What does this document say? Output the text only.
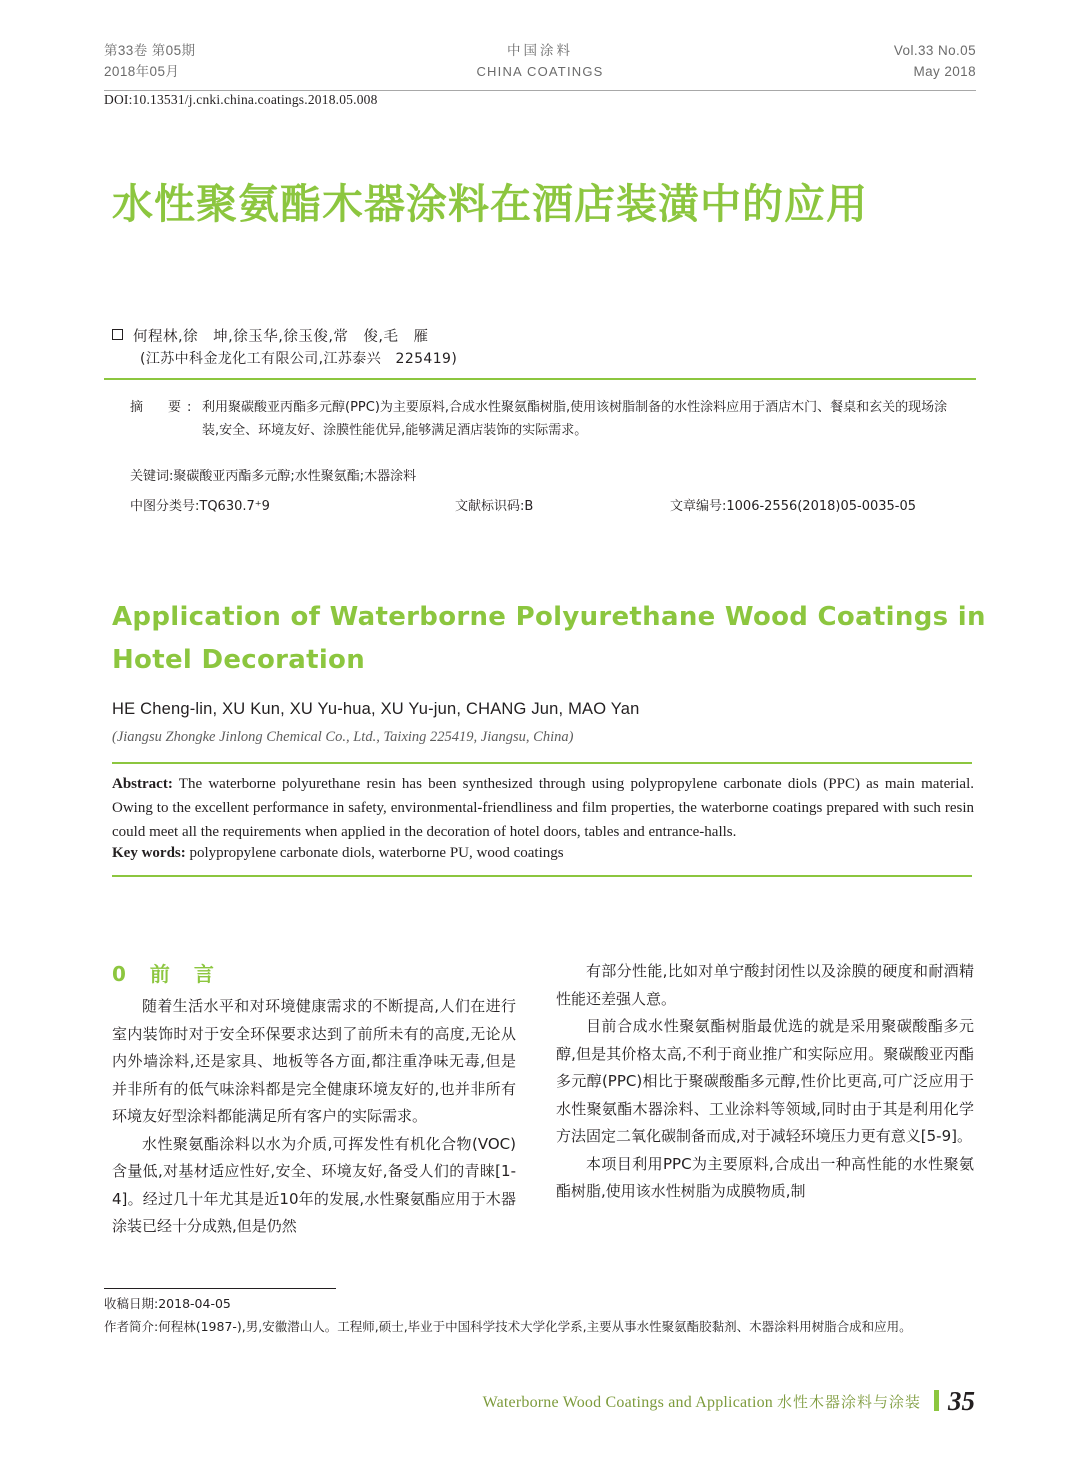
第33卷 第05期
2018年05月
中国涂料
CHINA COATINGS
Vol.33 No.05
May 2018
DOI:10.13531/j.cnki.china.coatings.2018.05.008
水性聚氨酯木器涂料在酒店装潢中的应用
何程林,徐　坤,徐玉华,徐玉俊,常　俊,毛　雁
(江苏中科金龙化工有限公司,江苏泰兴　225419)
摘　要: 利用聚碳酸亚丙酯多元醇(PPC)为主要原料,合成水性聚氨酯树脂,使用该树脂制备的水性涂料应用于酒店木门、餐桌和玄关的现场涂装,安全、环境友好、涂膜性能优异,能够满足酒店装饰的实际需求。
关键词:聚碳酸亚丙酯多元醇;水性聚氨酯;木器涂料
中图分类号:TQ630.7⁺9	文献标识码:B	文章编号:1006-2556(2018)05-0035-05
Application of Waterborne Polyurethane Wood Coatings in Hotel Decoration
HE Cheng-lin, XU Kun, XU Yu-hua, XU Yu-jun, CHANG Jun, MAO Yan
(Jiangsu Zhongke Jinlong Chemical Co., Ltd., Taixing 225419, Jiangsu, China)
Abstract: The waterborne polyurethane resin has been synthesized through using polypropylene carbonate diols (PPC) as main material. Owing to the excellent performance in safety, environmental-friendliness and film properties, the waterborne coatings prepared with such resin could meet all the requirements when applied in the decoration of hotel doors, tables and entrance-halls.
Key words: polypropylene carbonate diols, waterborne PU, wood coatings
0　前　言

随着生活水平和对环境健康需求的不断提高,人们在进行室内装饰时对于安全环保要求达到了前所未有的高度,无论从内外墙涂料,还是家具、地板等各方面,都注重净味无毒,但是并非所有的低气味涂料都是完全健康环境友好的,也并非所有环境友好型涂料都能满足所有客户的实际需求。

水性聚氨酯涂料以水为介质,可挥发性有机化合物(VOC)含量低,对基材适应性好,安全、环境友好,备受人们的青睐[1-4]。经过几十年尤其是近10年的发展,水性聚氨酯应用于木器涂装已经十分成熟,但是仍然

有部分性能,比如对单宁酸封闭性以及涂膜的硬度和耐酒精性能还差强人意。

目前合成水性聚氨酯树脂最优选的就是采用聚碳酸酯多元醇,但是其价格太高,不利于商业推广和实际应用。聚碳酸亚丙酯多元醇(PPC)相比于聚碳酸酯多元醇,性价比更高,可广泛应用于水性聚氨酯木器涂料、工业涂料等领域,同时由于其是利用化学方法固定二氧化碳制备而成,对于减轻环境压力更有意义[5-9]。

本项目利用PPC为主要原料,合成出一种高性能的水性聚氨酯树脂,使用该水性树脂为成膜物质,制

收稿日期:2018-04-05
作者简介:何程林(1987-),男,安徽潜山人。工程师,硕士,毕业于中国科学技术大学化学系,主要从事水性聚氨酯胶黏剂、木器涂料用树脂合成和应用。
Waterborne Wood Coatings and Application 水性木器涂料与涂装 35
